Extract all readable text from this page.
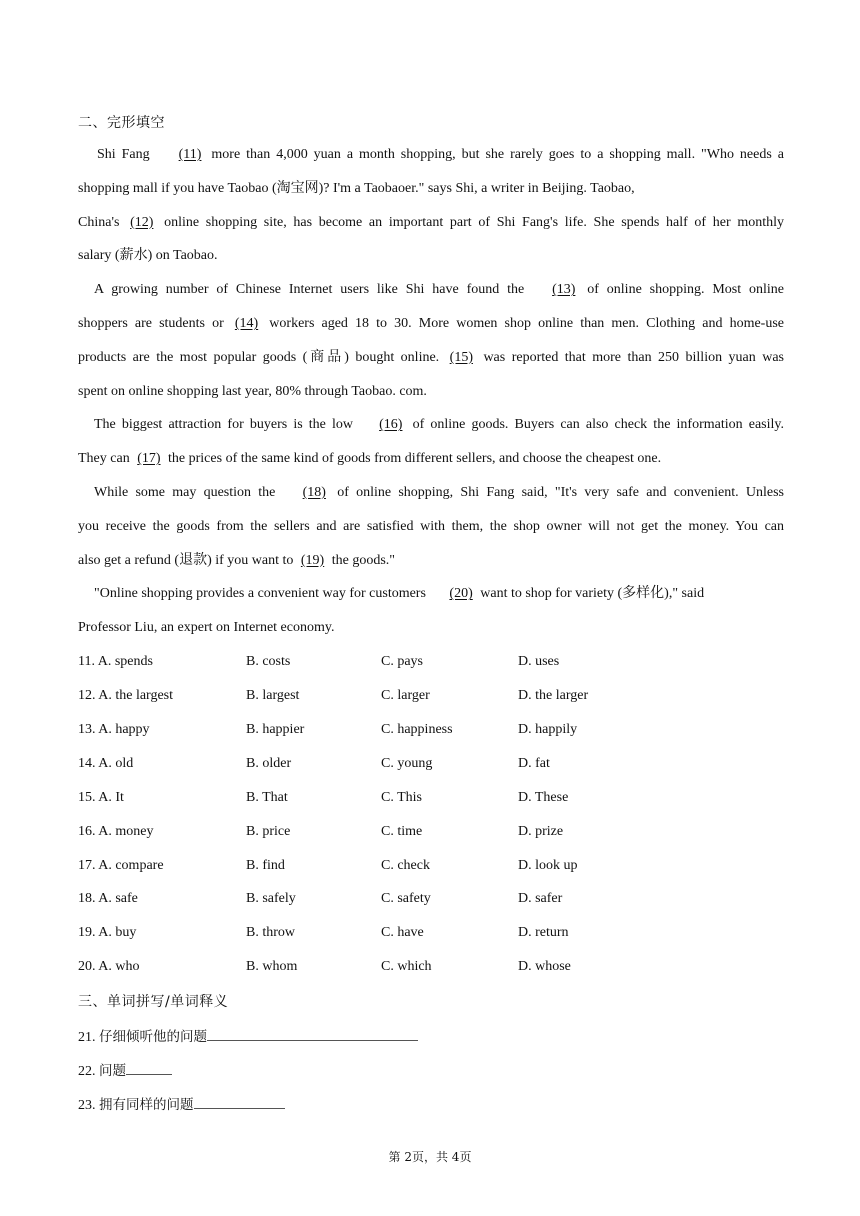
二、完形填空

Shi Fang (11) more than 4,000 yuan a month shopping, but she rarely goes to a shopping mall. "Who needs a
shopping mall if you have Taobao (淘宝网)? I'm a Taobaoer." says Shi, a writer in Beijing. Taobao,
China's (12) online shopping site, has become an important part of Shi Fang's life. She spends half of her monthly
salary (薪水) on Taobao.

A growing number of Chinese Internet users like Shi have found the (13) of online shopping. Most online
shoppers are students or (14) workers aged 18 to 30. More women shop online than men. Clothing and home-use
products are the most popular goods (商品) bought online. (15) was reported that more than 250 billion yuan was
spent on online shopping last year, 80% through Taobao. com.

The biggest attraction for buyers is the low (16) of online goods. Buyers can also check the information easily.
They can (17) the prices of the same kind of goods from different sellers, and choose the cheapest one.

While some may question the (18) of online shopping, Shi Fang said, "It's very safe and convenient. Unless
you receive the goods from the sellers and are satisfied with them, the shop owner will not get the money. You can
also get a refund (退款) if you want to (19) the goods."

"Online shopping provides a convenient way for customers (20) want to shop for variety (多样化)," said
Professor Liu, an expert on Internet economy.

11. A. spends	B. costs	C. pays	D. uses
12. A. the largest	B. largest	C. larger	D. the larger
13. A. happy	B. happier	C. happiness	D. happily
14. A. old	B. older	C. young	D. fat
15. A. It	B. That	C. This	D. These
16. A. money	B. price	C. time	D. prize
17. A. compare	B. find	C. check	D. look up
18. A. safe	B. safely	C. safety	D. safer
19. A. buy	B. throw	C. have	D. return
20. A. who	B. whom	C. which	D. whose
三、单词拼写/单词释义
21. 仔细倾听他的问题
22. 问题
23. 拥有同样的问题
第 2页，共 4页
